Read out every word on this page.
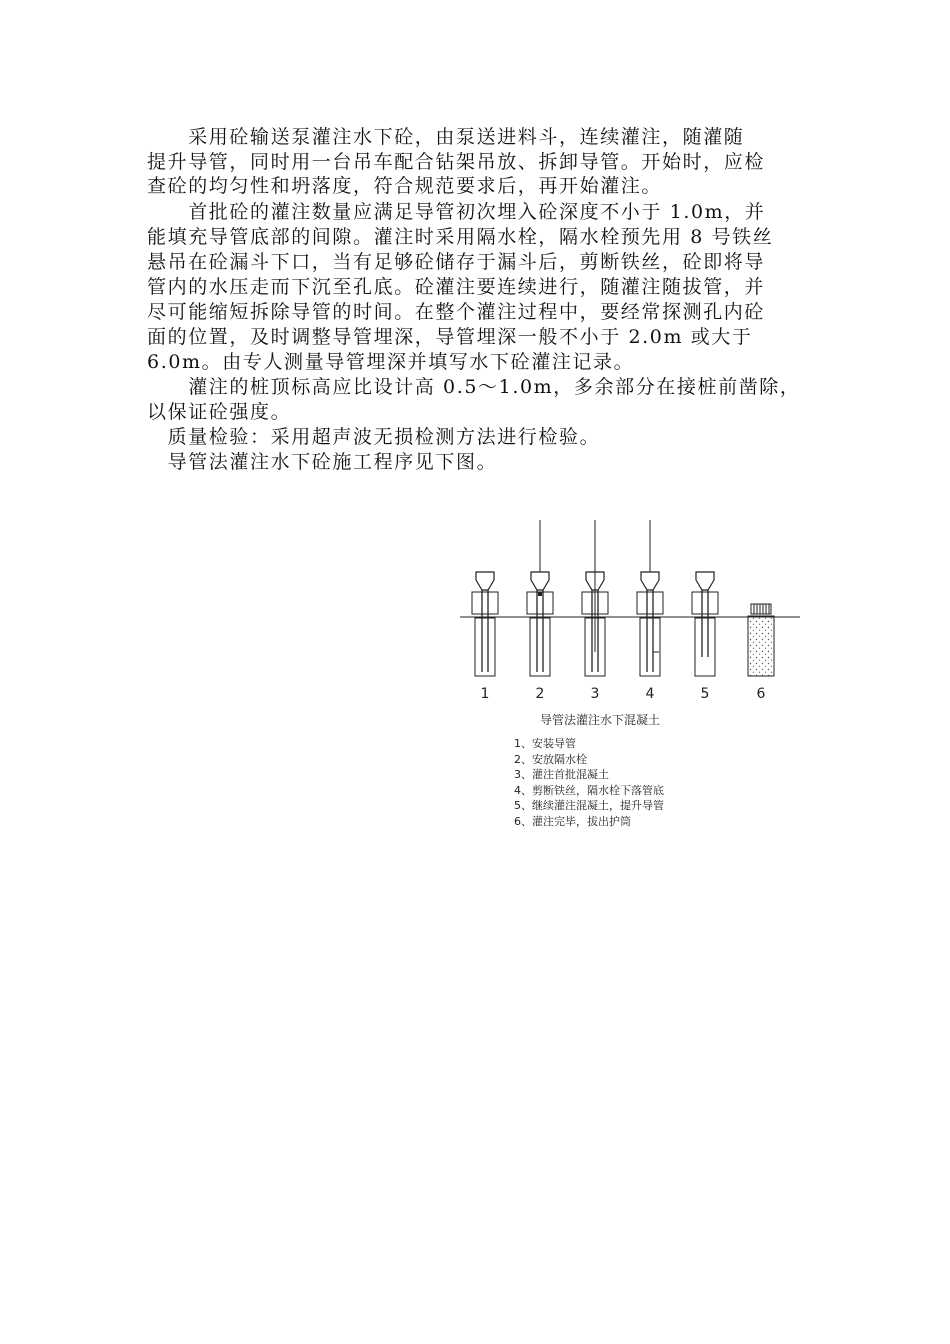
　　采用砼输送泵灌注水下砼，由泵送进料斗，连续灌注，随灌随
提升导管，同时用一台吊车配合钻架吊放、拆卸导管。开始时，应检
查砼的均匀性和坍落度，符合规范要求后，再开始灌注。
　　首批砼的灌注数量应满足导管初次埋入砼深度不小于 1.0m，并
能填充导管底部的间隙。灌注时采用隔水栓，隔水栓预先用 8 号铁丝
悬吊在砼漏斗下口，当有足够砼储存于漏斗后，剪断铁丝，砼即将导
管内的水压走而下沉至孔底。砼灌注要连续进行，随灌注随拔管，并
尽可能缩短拆除导管的时间。在整个灌注过程中，要经常探测孔内砼
面的位置，及时调整导管埋深，导管埋深一般不小于 2.0m 或大于
6.0m。由专人测量导管埋深并填写水下砼灌注记录。
　　灌注的桩顶标高应比设计高 0.5～1.0m，多余部分在接桩前凿除，
以保证砼强度。
　质量检验：采用超声波无损检测方法进行检验。
　导管法灌注水下砼施工程序见下图。
1	2	3	4	5	6
导管法灌注水下混凝土
1、安装导管
2、安放隔水栓
3、灌注首批混凝土
4、剪断铁丝，隔水栓下落管底
5、继续灌注混凝土，提升导管
6、灌注完毕，拔出护筒
